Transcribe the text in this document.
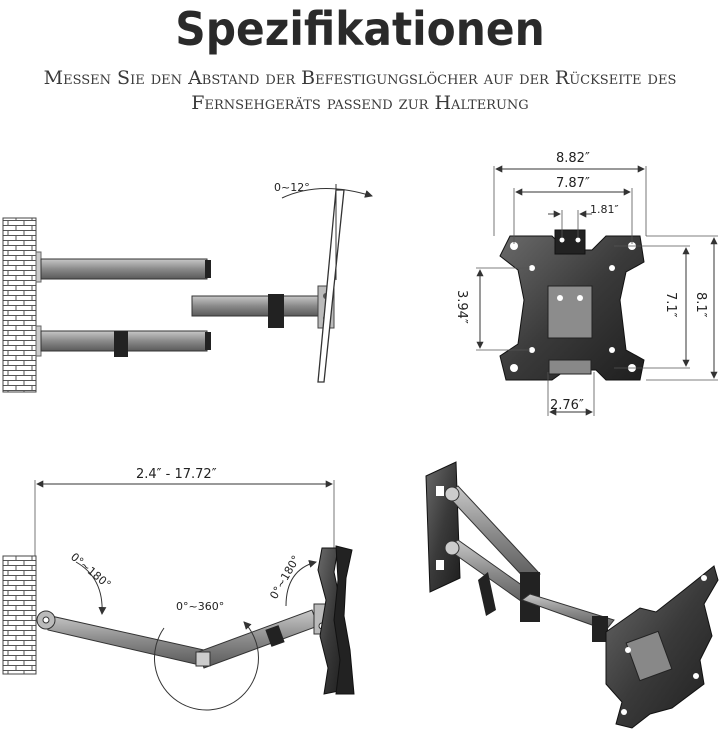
Spezifikationen
Messen Sie den Abstand der Befestigungslöcher auf der Rückseite des
Fernsehgeräts passend zur Halterung
0~12°
8.82″
7.87″
1.81″
3.94″	7.1″ 8.1″
2.76″
2.4″ - 17.72″
0°~180°
0°~360°
0°~180°
